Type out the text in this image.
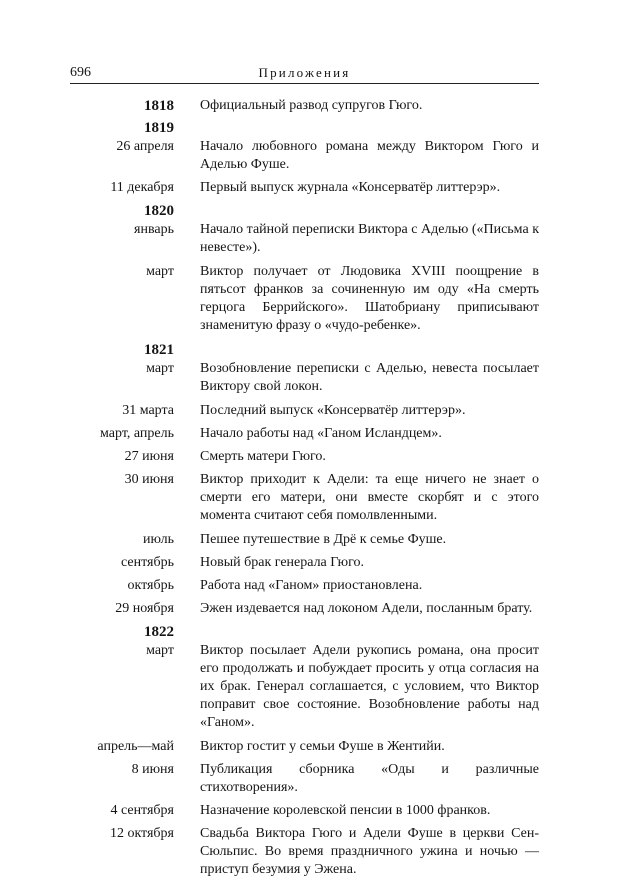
696	Приложения
1818 Официальный развод супругов Гюго.
1819
26 апреля Начало любовного романа между Виктором Гюго и Аделью Фуше.
11 декабря Первый выпуск журнала «Консерватёр литтерэр».
1820
январь Начало тайной переписки Виктора с Аделью («Письма к невесте»).
март Виктор получает от Людовика XVIII поощрение в пятьсот франков за сочиненную им оду «На смерть герцога Беррийского». Шатобриану приписывают знаменитую фразу о «чудо-ребенке».
1821
март Возобновление переписки с Аделью, невеста посылает Виктору свой локон.
31 марта Последний выпуск «Консерватёр литтерэр».
март, апрель Начало работы над «Ганом Исландцем».
27 июня Смерть матери Гюго.
30 июня Виктор приходит к Адели: та еще ничего не знает о смерти его матери, они вместе скорбят и с этого момента считают себя помолвленными.
июль Пешее путешествие в Дрё к семье Фуше.
сентябрь Новый брак генерала Гюго.
октябрь Работа над «Ганом» приостановлена.
29 ноября Эжен издевается над локоном Адели, посланным брату.
1822
март Виктор посылает Адели рукопись романа, она просит его продолжать и побуждает просить у отца согласия на их брак. Генерал соглашается, с условием, что Виктор поправит свое состояние. Возобновление работы над «Ганом».
апрель—май Виктор гостит у семьи Фуше в Жентийи.
8 июня Публикация сборника «Оды и различные стихотворения».
4 сентября Назначение королевской пенсии в 1000 франков.
12 октября Свадьба Виктора Гюго и Адели Фуше в церкви Сен-Сюльпис. Во время праздничного ужина и ночью — приступ безумия у Эжена.
